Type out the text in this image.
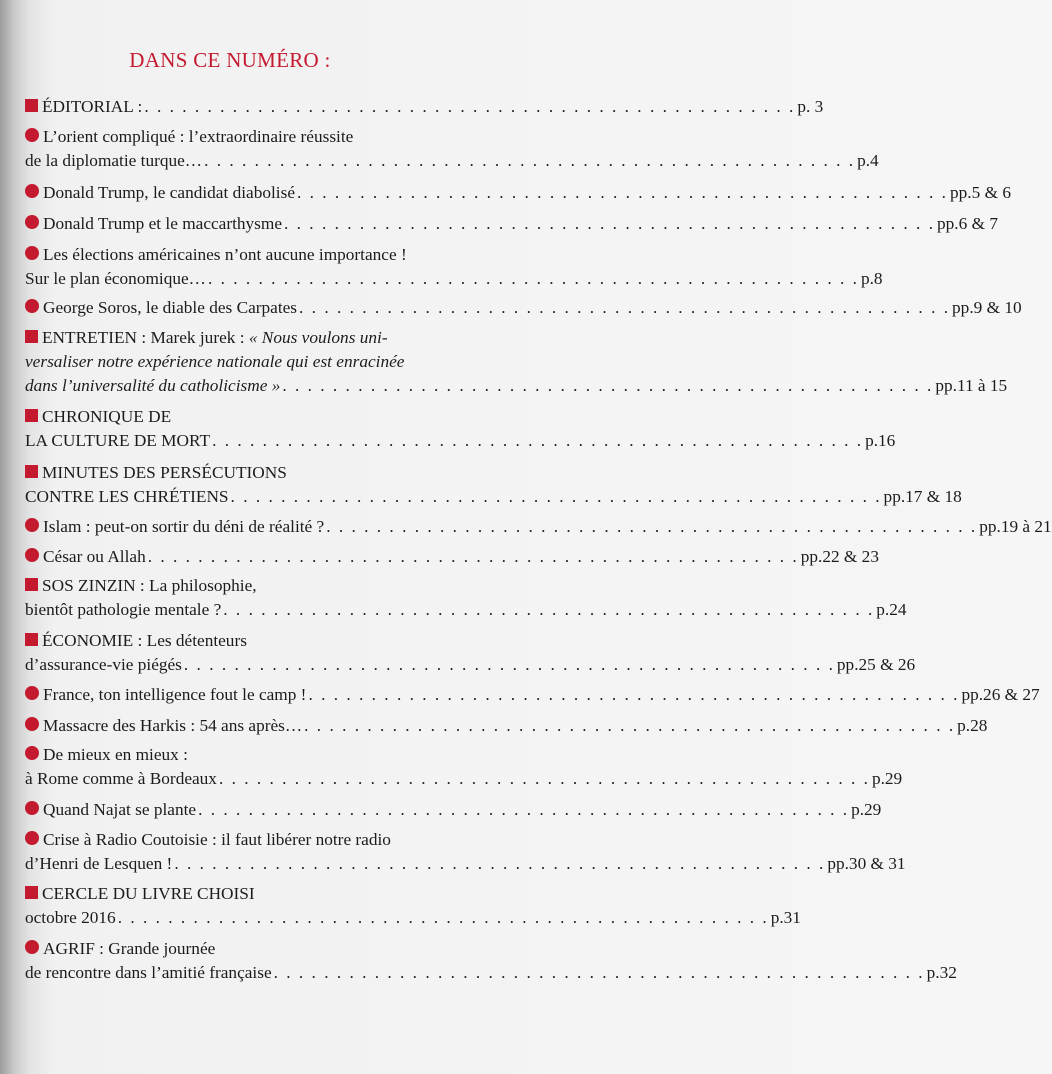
DANS CE NUMÉRO :
ÉDITORIAL : . . . . . . . . . . . . . . . . . . . . . . . . . . . . . . . . . . . . . . . . . . . . . . . . . . . . p. 3
L’orient compliqué : l’extraordinaire réussite
de la diplomatie turque… . . . . . . . . . . . . . . . . . . . . . . . . . . . . . . . . . . . . . . . . . . . . . . . . . . . . p.4
Donald Trump, le candidat diabolisé . . . . . . . . . . . . . . . . . . . . . . . . . . . . . . . . . . . . . . . . . . . . . . . . . . . . pp.5 & 6
Donald Trump et le maccarthysme . . . . . . . . . . . . . . . . . . . . . . . . . . . . . . . . . . . . . . . . . . . . . . . . . . . . pp.6 & 7
Les élections américaines n’ont aucune importance !
Sur le plan économique… . . . . . . . . . . . . . . . . . . . . . . . . . . . . . . . . . . . . . . . . . . . . . . . . . . . . p.8
George Soros, le diable des Carpates . . . . . . . . . . . . . . . . . . . . . . . . . . . . . . . . . . . . . . . . . . . . . . . . . . . . pp.9 & 10
ENTRETIEN : Marek jurek : « Nous voulons uni-
versaliser notre expérience nationale qui est enracinée
dans l’universalité du catholicisme » . . . . . . . . . . . . . . . . . . . . . . . . . . . . . . . . . . . . . . . . . . . . . . . . . . . . pp.11 à 15
CHRONIQUE DE
LA CULTURE DE MORT . . . . . . . . . . . . . . . . . . . . . . . . . . . . . . . . . . . . . . . . . . . . . . . . . . . . p.16
MINUTES DES PERSÉCUTIONS
CONTRE LES CHRÉTIENS . . . . . . . . . . . . . . . . . . . . . . . . . . . . . . . . . . . . . . . . . . . . . . . . . . . . pp.17 & 18
Islam : peut-on sortir du déni de réalité ? . . . . . . . . . . . . . . . . . . . . . . . . . . . . . . . . . . . . . . . . . . . . . . . . . . . . pp.19 à 21
César ou Allah . . . . . . . . . . . . . . . . . . . . . . . . . . . . . . . . . . . . . . . . . . . . . . . . . . . . pp.22 & 23
SOS ZINZIN : La philosophie,
bientôt pathologie mentale ? . . . . . . . . . . . . . . . . . . . . . . . . . . . . . . . . . . . . . . . . . . . . . . . . . . . . p.24
ÉCONOMIE : Les détenteurs
d’assurance-vie piégés . . . . . . . . . . . . . . . . . . . . . . . . . . . . . . . . . . . . . . . . . . . . . . . . . . . . pp.25 & 26
France, ton intelligence fout le camp ! . . . . . . . . . . . . . . . . . . . . . . . . . . . . . . . . . . . . . . . . . . . . . . . . . . . . pp.26 & 27
Massacre des Harkis : 54 ans après… . . . . . . . . . . . . . . . . . . . . . . . . . . . . . . . . . . . . . . . . . . . . . . . . . . . . p.28
De mieux en mieux :
à Rome comme à Bordeaux . . . . . . . . . . . . . . . . . . . . . . . . . . . . . . . . . . . . . . . . . . . . . . . . . . . . p.29
Quand Najat se plante . . . . . . . . . . . . . . . . . . . . . . . . . . . . . . . . . . . . . . . . . . . . . . . . . . . . p.29
Crise à Radio Coutoisie : il faut libérer notre radio
d’Henri de Lesquen ! . . . . . . . . . . . . . . . . . . . . . . . . . . . . . . . . . . . . . . . . . . . . . . . . . . . . pp.30 & 31
CERCLE DU LIVRE CHOISI
octobre 2016 . . . . . . . . . . . . . . . . . . . . . . . . . . . . . . . . . . . . . . . . . . . . . . . . . . . . p.31
AGRIF : Grande journée
de rencontre dans l’amitié française . . . . . . . . . . . . . . . . . . . . . . . . . . . . . . . . . . . . . . . . . . . . . . . . . . . . p.32
